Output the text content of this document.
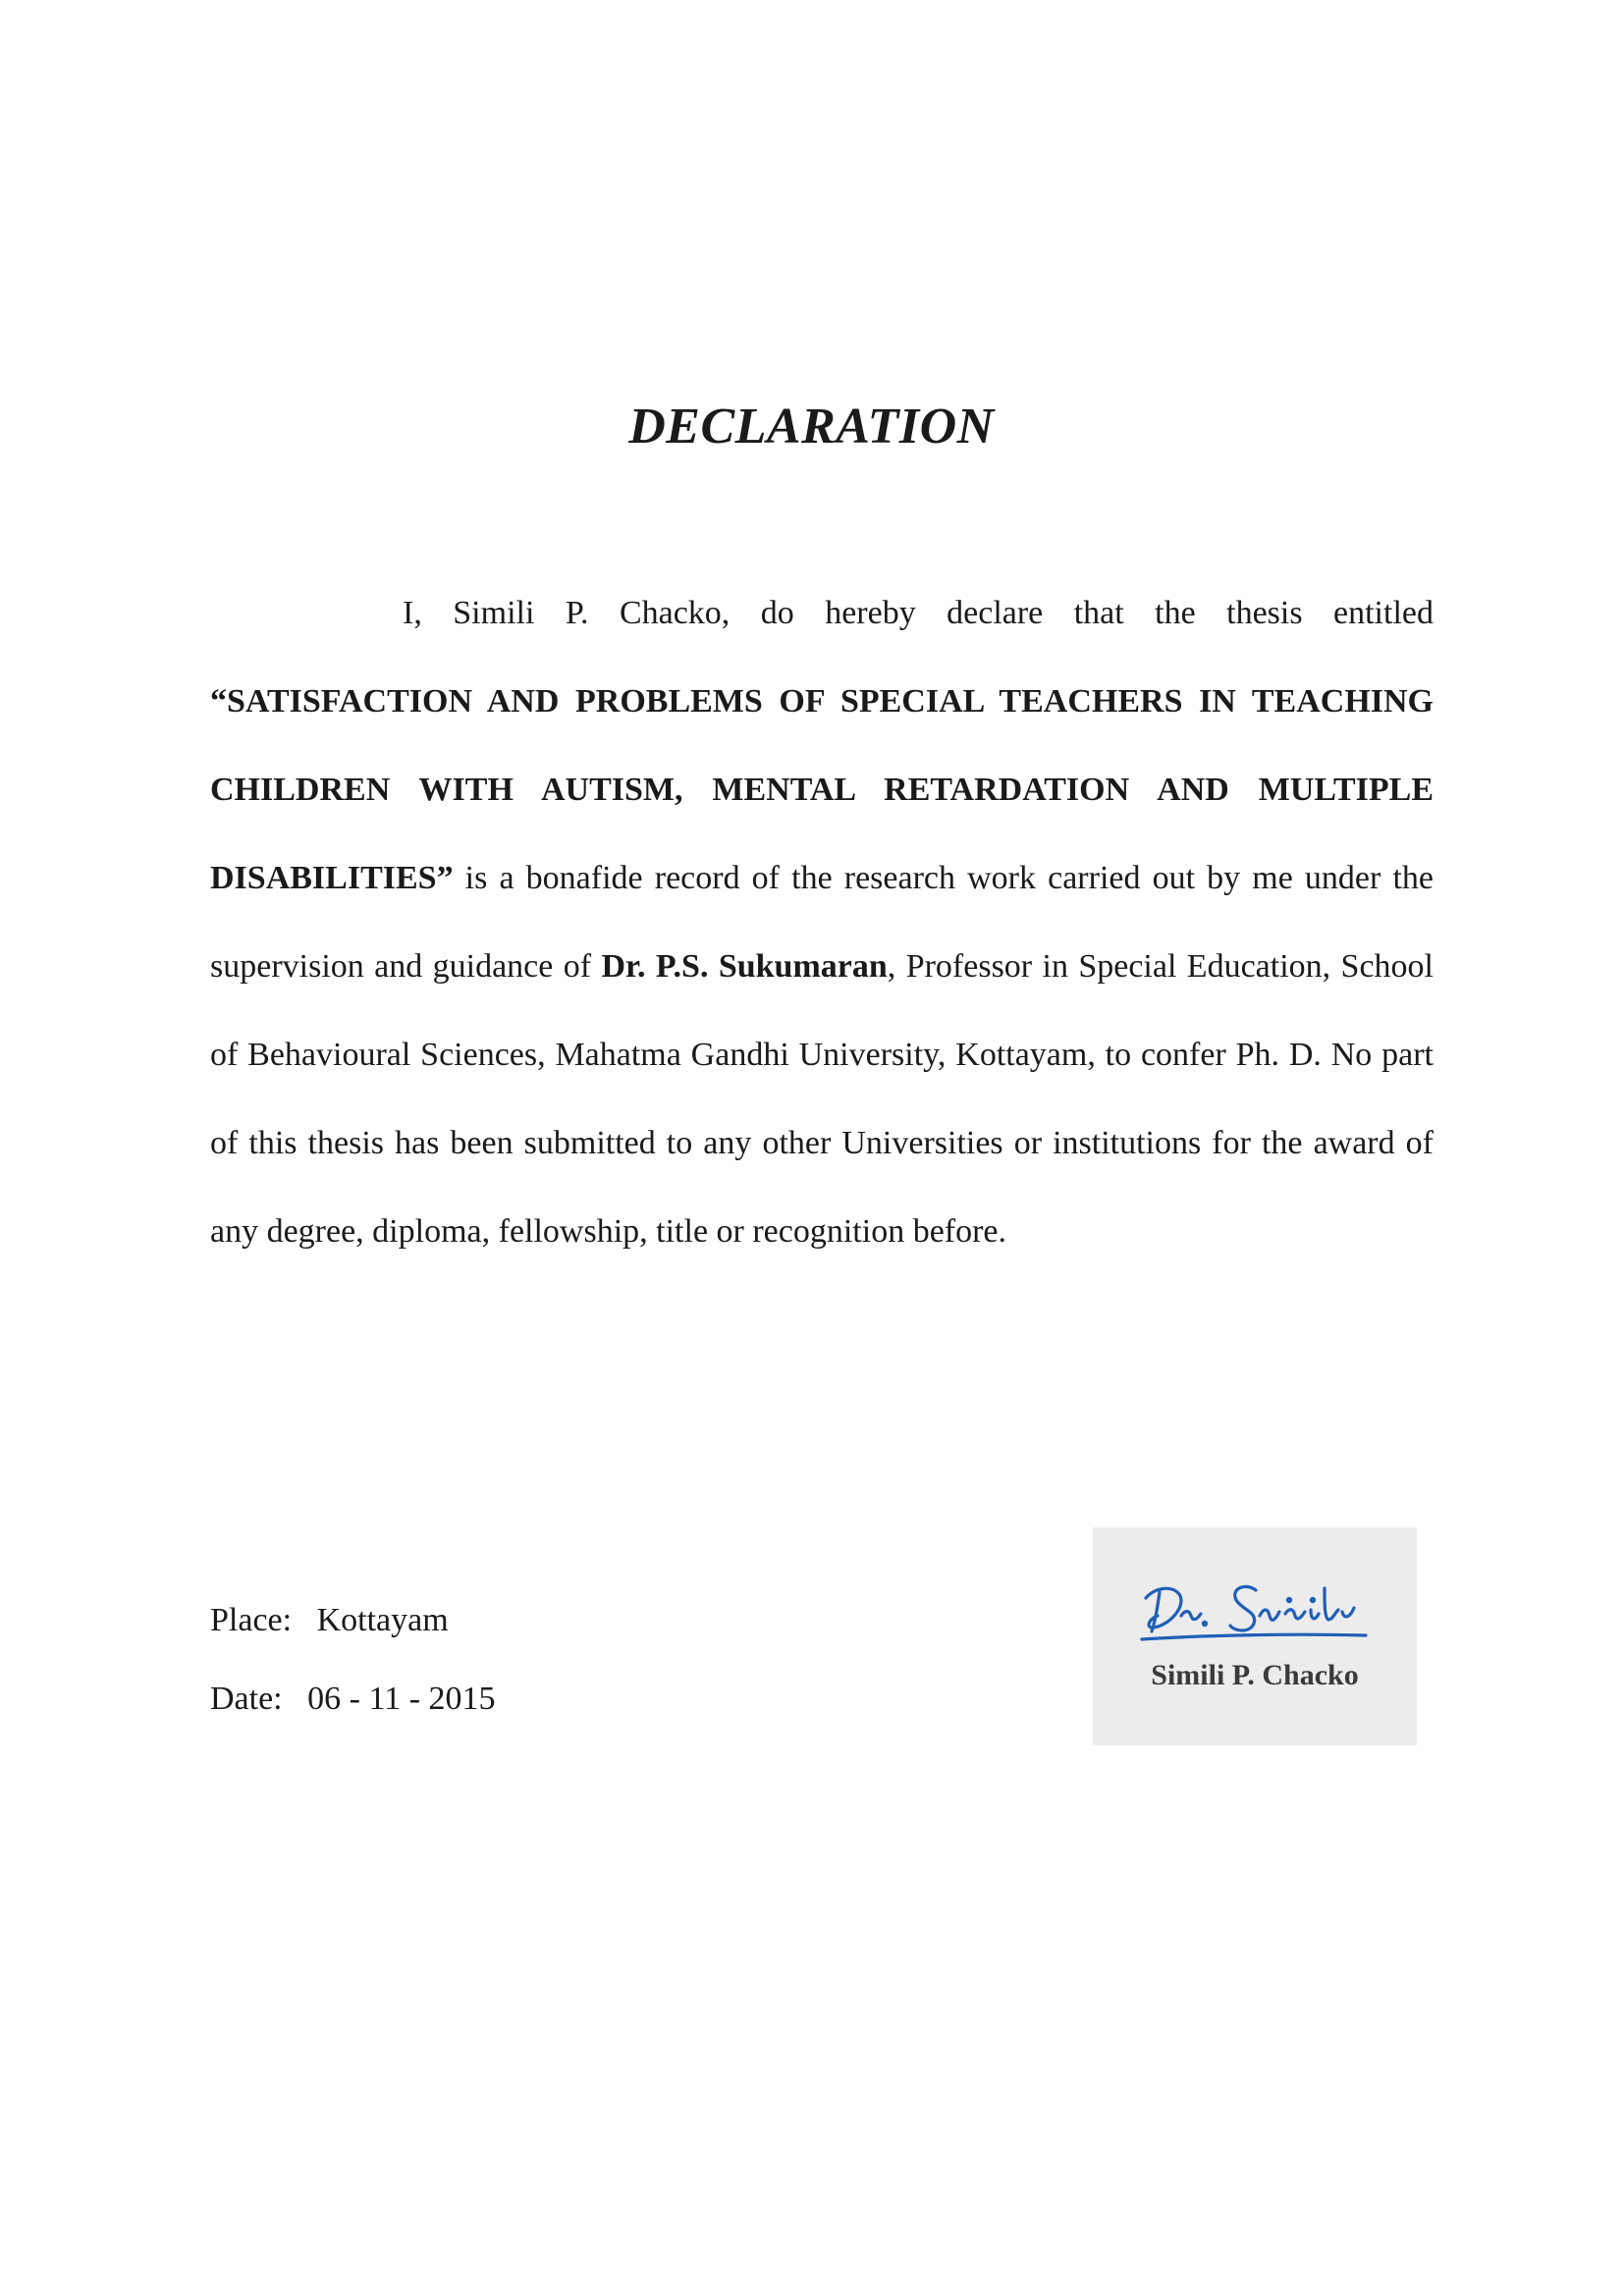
DECLARATION
I, Simili P. Chacko, do hereby declare that the thesis entitled “SATISFACTION AND PROBLEMS OF SPECIAL TEACHERS IN TEACHING CHILDREN WITH AUTISM, MENTAL RETARDATION AND MULTIPLE DISABILITIES” is a bonafide record of the research work carried out by me under the supervision and guidance of Dr. P.S. Sukumaran, Professor in Special Education, School of Behavioural Sciences, Mahatma Gandhi University, Kottayam, to confer Ph. D. No part of this thesis has been submitted to any other Universities or institutions for the award of any degree, diploma, fellowship, title or recognition before.
Place: Kottayam
Date: 06 - 11 - 2015
Simili P. Chacko
